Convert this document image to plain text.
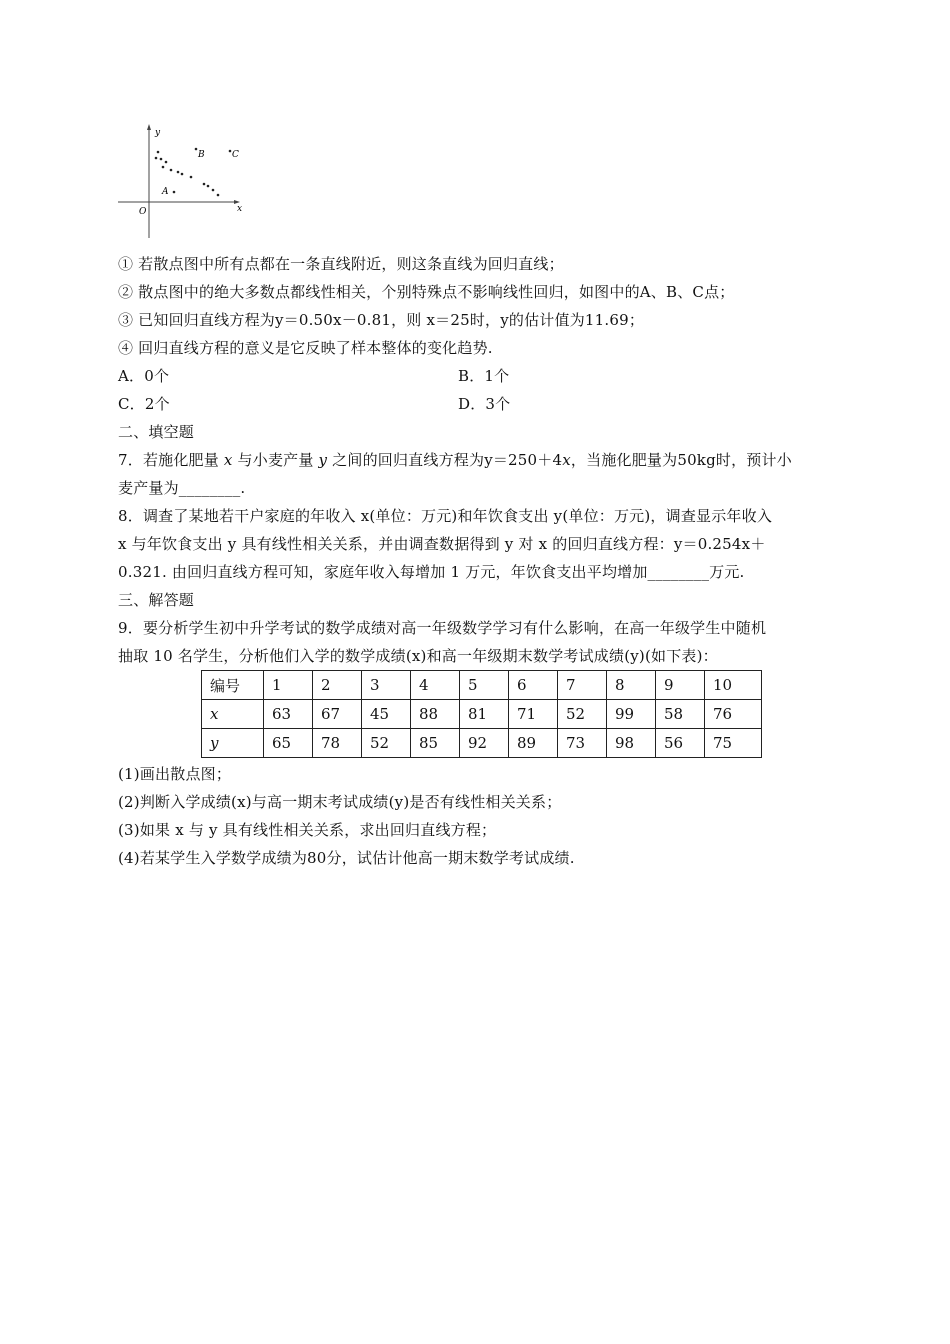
y
x
O
A
B	C
① 若散点图中所有点都在一条直线附近，则这条直线为回归直线；
② 散点图中的绝大多数点都线性相关，个别特殊点不影响线性回归，如图中的A、B、C点；
③ 已知回归直线方程为y＝0.50x－0.81，则 x＝25时，y的估计值为11.69；
④ 回归直线方程的意义是它反映了样本整体的变化趋势.
A．0个	B．1个
C．2个	D．3个
二、填空题
7．若施化肥量 x 与小麦产量 y 之间的回归直线方程为y＝250＋4x，当施化肥量为50kg时，预计小
麦产量为________.
8．调查了某地若干户家庭的年收入 x(单位：万元)和年饮食支出 y(单位：万元)，调查显示年收入
x 与年饮食支出 y 具有线性相关关系，并由调查数据得到 y 对 x 的回归直线方程：y＝0.254x＋
0.321. 由回归直线方程可知，家庭年收入每增加 1 万元，年饮食支出平均增加________万元.
三、解答题
9．要分析学生初中升学考试的数学成绩对高一年级数学学习有什么影响，在高一年级学生中随机
抽取 10 名学生，分析他们入学的数学成绩(x)和高一年级期末数学考试成绩(y)(如下表)：
编号	1	2	3	4	5	6	7	8	9	10
x	63	67	45	88	81	71	52	99	58	76
y	65	78	52	85	92	89	73	98	56	75
(1)画出散点图；
(2)判断入学成绩(x)与高一期末考试成绩(y)是否有线性相关关系；
(3)如果 x 与 y 具有线性相关关系，求出回归直线方程；
(4)若某学生入学数学成绩为80分，试估计他高一期末数学考试成绩.
